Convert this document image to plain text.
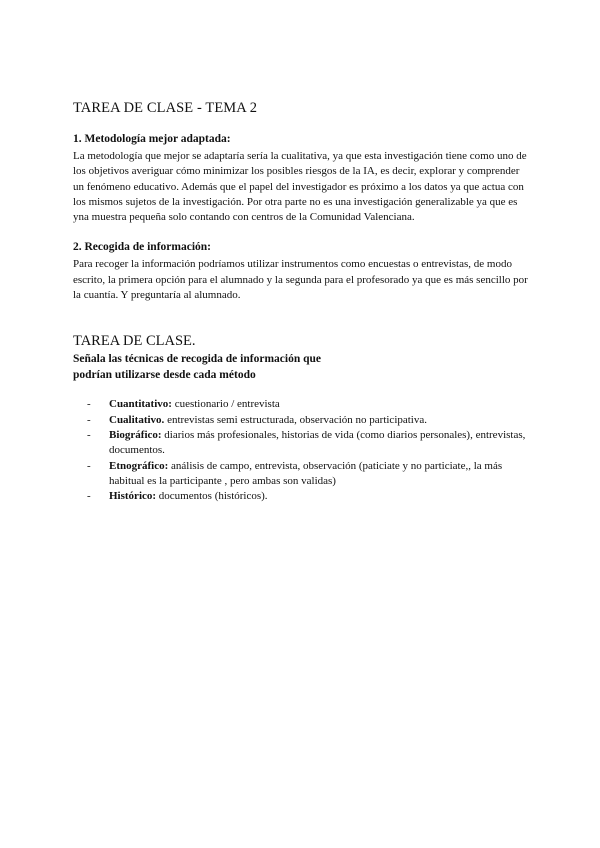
TAREA DE CLASE - TEMA 2
1. Metodología mejor adaptada:

La metodología que mejor se adaptaría sería la cualitativa, ya que esta investigación tiene como uno de los objetivos averiguar cómo minimizar los posibles riesgos de la IA, es decir, explorar y comprender un fenómeno educativo. Además que el papel del investigador es próximo a los datos ya que actua con los mismos sujetos de la investigación. Por otra parte no es una investigación generalizable ya que es yna muestra pequeña solo contando con centros de la Comunidad Valenciana.

2. Recogida de información:

Para recoger la información podríamos utilizar instrumentos como encuestas o entrevistas, de modo escrito, la primera opción para el alumnado y la segunda para el profesorado ya que es más sencillo por la cuantía. Y preguntaría al alumnado.

TAREA DE CLASE.

Señala las técnicas de recogida de información que podrían utilizarse desde cada método

-	Cuantitativo: cuestionario / entrevista
-	Cualitativo. entrevistas semi estructurada, observación no participativa.
-	Biográfico: diarios más profesionales, historias de vida (como diarios personales), entrevistas, documentos.
-	Etnográfico: análisis de campo, entrevista, observación (paticiate y no particiate,, la más habitual es la participante , pero ambas son validas)
-	Histórico: documentos (históricos).
